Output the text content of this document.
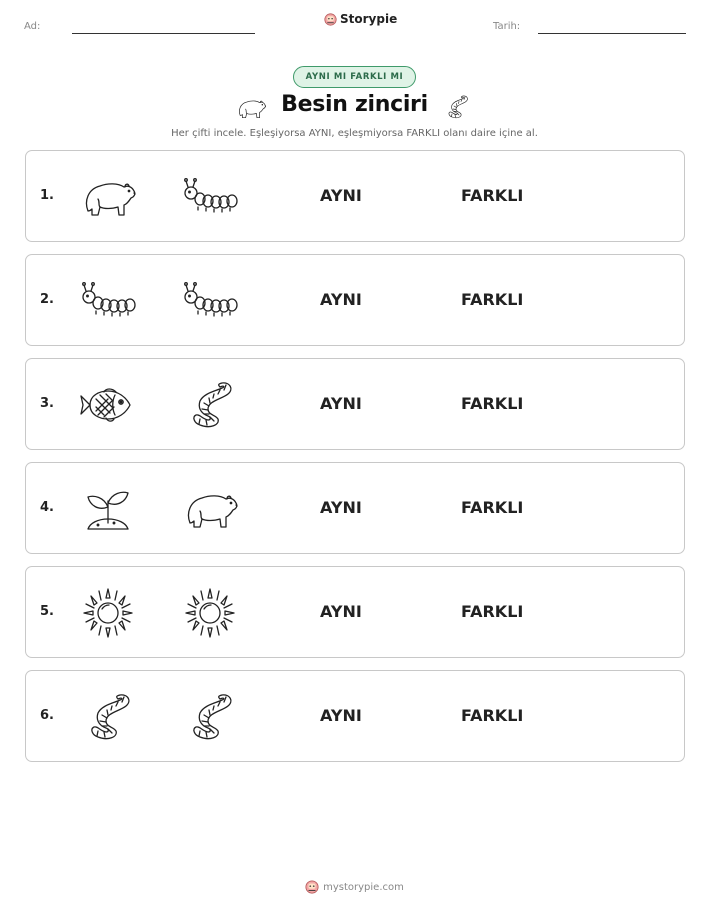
Ad:
Storypie
Tarih:
AYNI MI FARKLI MI
Besin zinciri
Her çifti incele. Eşleşiyorsa AYNI, eşleşmiyorsa FARKLI olanı daire içine al.
1.	AYNI	FARKLI
2.	AYNI	FARKLI
3.	AYNI	FARKLI
4.	AYNI	FARKLI
5.	AYNI	FARKLI
6.	AYNI	FARKLI
mystorypie.com
